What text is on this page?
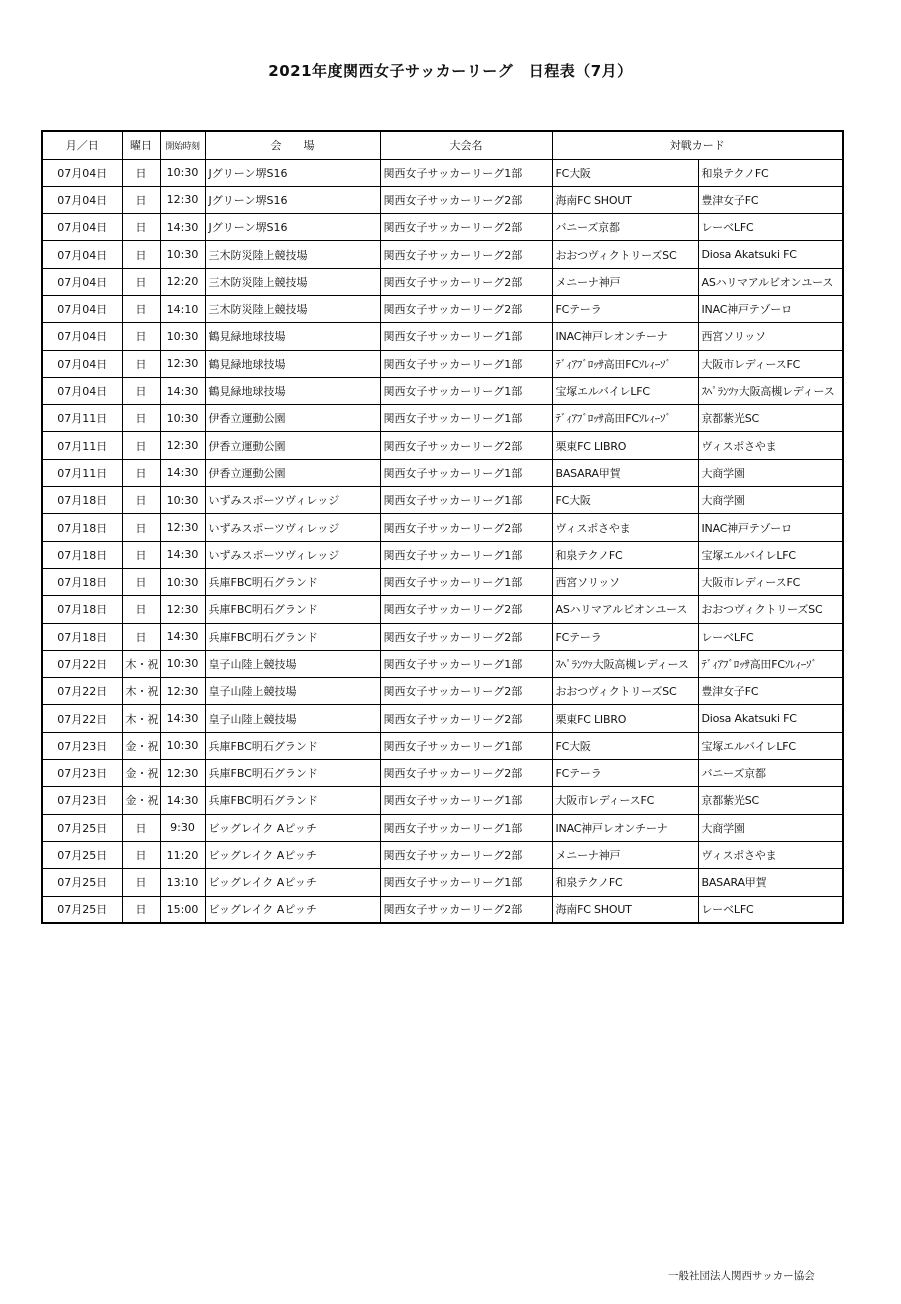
2021年度関西女子サッカーリーグ　日程表（7月）
月／日	曜日	開始時刻	会　　場	大会名	対戦カード	
07月04日	日	10:30	Jグリーン堺S16	関西女子サッカーリーグ1部	FC大阪	和泉テクノFC
07月04日	日	12:30	Jグリーン堺S16	関西女子サッカーリーグ2部	海南FC SHOUT	豊津女子FC
07月04日	日	14:30	Jグリーン堺S16	関西女子サッカーリーグ2部	バニーズ京都	レーベLFC
07月04日	日	10:30	三木防災陸上競技場	関西女子サッカーリーグ2部	おおつヴィクトリーズSC	Diosa Akatsuki FC
07月04日	日	12:20	三木防災陸上競技場	関西女子サッカーリーグ2部	メニーナ神戸	ASハリマアルビオンユース
07月04日	日	14:10	三木防災陸上競技場	関西女子サッカーリーグ2部	FCテーラ	INAC神戸テゾーロ
07月04日	日	10:30	鶴見緑地球技場	関西女子サッカーリーグ1部	INAC神戸レオンチーナ	西宮ソリッソ
07月04日	日	12:30	鶴見緑地球技場	関西女子サッカーリーグ1部	ﾃﾞｨｱﾌﾞﾛｯｻ高田FCｿﾚｨｰｿﾞ	大阪市レディースFC
07月04日	日	14:30	鶴見緑地球技場	関西女子サッカーリーグ1部	宝塚エルバイレLFC	ｽﾍﾟﾗﾝﾂｧ大阪高槻レディース
07月11日	日	10:30	伊香立運動公園	関西女子サッカーリーグ1部	ﾃﾞｨｱﾌﾞﾛｯｻ高田FCｿﾚｨｰｿﾞ	京都紫光SC
07月11日	日	12:30	伊香立運動公園	関西女子サッカーリーグ2部	栗東FC LIBRO	ヴィスポさやま
07月11日	日	14:30	伊香立運動公園	関西女子サッカーリーグ1部	BASARA甲賀	大商学園
07月18日	日	10:30	いずみスポーツヴィレッジ	関西女子サッカーリーグ1部	FC大阪	大商学園
07月18日	日	12:30	いずみスポーツヴィレッジ	関西女子サッカーリーグ2部	ヴィスポさやま	INAC神戸テゾーロ
07月18日	日	14:30	いずみスポーツヴィレッジ	関西女子サッカーリーグ1部	和泉テクノFC	宝塚エルバイレLFC
07月18日	日	10:30	兵庫FBC明石グランド	関西女子サッカーリーグ1部	西宮ソリッソ	大阪市レディースFC
07月18日	日	12:30	兵庫FBC明石グランド	関西女子サッカーリーグ2部	ASハリマアルビオンユース	おおつヴィクトリーズSC
07月18日	日	14:30	兵庫FBC明石グランド	関西女子サッカーリーグ2部	FCテーラ	レーベLFC
07月22日	木・祝	10:30	皇子山陸上競技場	関西女子サッカーリーグ1部	ｽﾍﾟﾗﾝﾂｧ大阪高槻レディース	ﾃﾞｨｱﾌﾞﾛｯｻ高田FCｿﾚｨｰｿﾞ
07月22日	木・祝	12:30	皇子山陸上競技場	関西女子サッカーリーグ2部	おおつヴィクトリーズSC	豊津女子FC
07月22日	木・祝	14:30	皇子山陸上競技場	関西女子サッカーリーグ2部	栗東FC LIBRO	Diosa Akatsuki FC
07月23日	金・祝	10:30	兵庫FBC明石グランド	関西女子サッカーリーグ1部	FC大阪	宝塚エルバイレLFC
07月23日	金・祝	12:30	兵庫FBC明石グランド	関西女子サッカーリーグ2部	FCテーラ	バニーズ京都
07月23日	金・祝	14:30	兵庫FBC明石グランド	関西女子サッカーリーグ1部	大阪市レディースFC	京都紫光SC
07月25日	日	9:30	ビッグレイク Aピッチ	関西女子サッカーリーグ1部	INAC神戸レオンチーナ	大商学園
07月25日	日	11:20	ビッグレイク Aピッチ	関西女子サッカーリーグ2部	メニーナ神戸	ヴィスポさやま
07月25日	日	13:10	ビッグレイク Aピッチ	関西女子サッカーリーグ1部	和泉テクノFC	BASARA甲賀
07月25日	日	15:00	ビッグレイク Aピッチ	関西女子サッカーリーグ2部	海南FC SHOUT	レーベLFC
一般社団法人関西サッカー協会
